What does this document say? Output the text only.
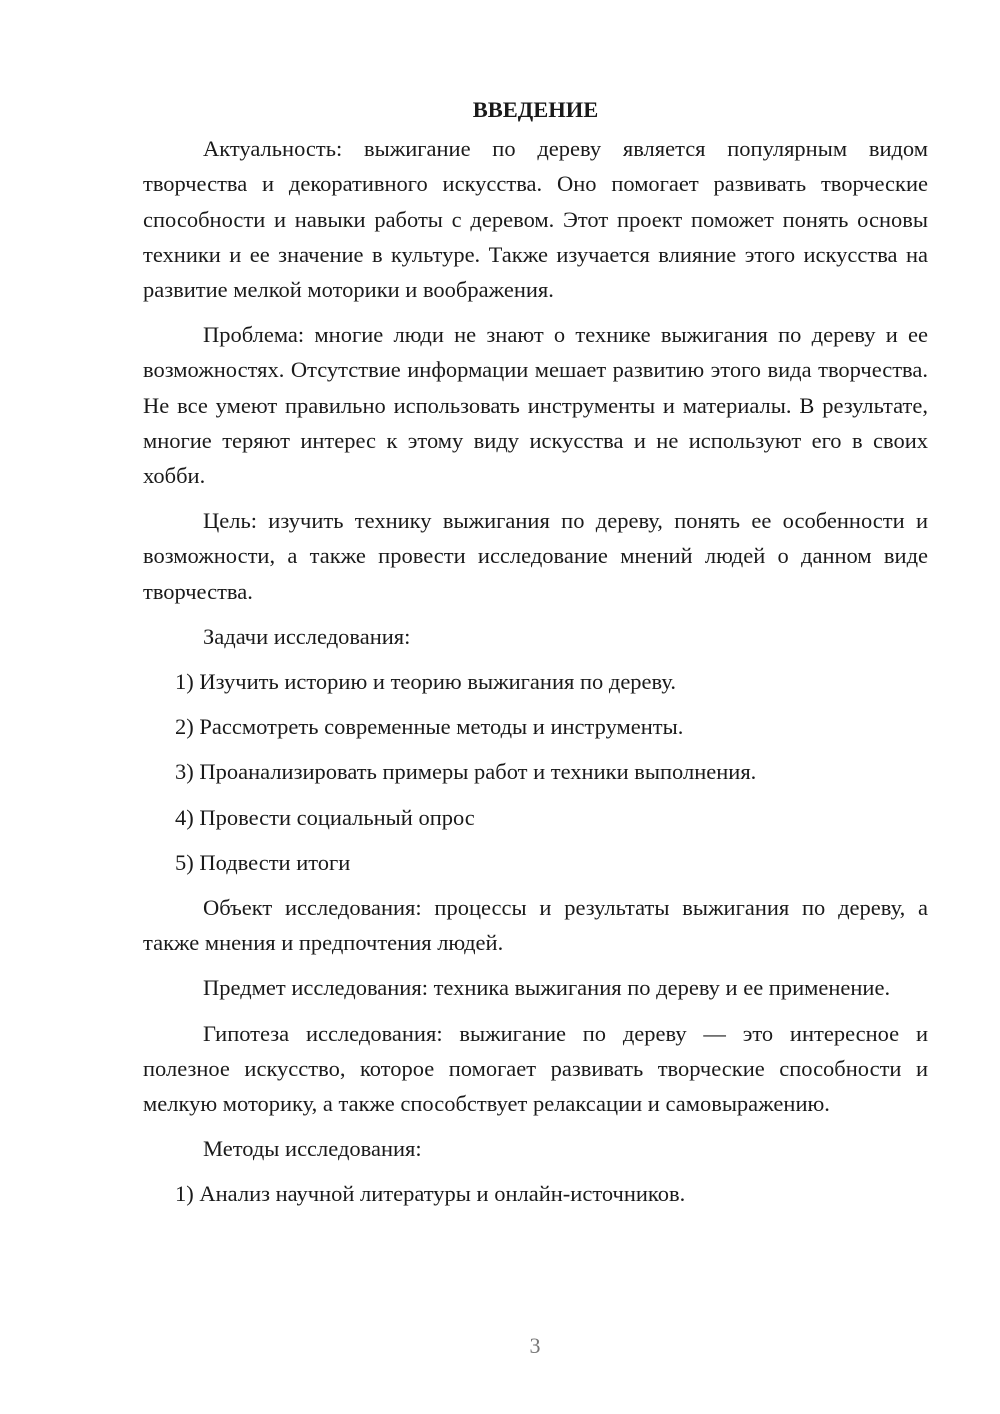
ВВЕДЕНИЕ

Актуальность: выжигание по дереву является популярным видом творчества и декоративного искусства. Оно помогает развивать творческие способности и навыки работы с деревом. Этот проект поможет понять основы техники и ее значение в культуре. Также изучается влияние этого искусства на развитие мелкой моторики и воображения.

Проблема: многие люди не знают о технике выжигания по дереву и ее возможностях. Отсутствие информации мешает развитию этого вида творчества. Не все умеют правильно использовать инструменты и материалы. В результате, многие теряют интерес к этому виду искусства и не используют его в своих хобби.

Цель: изучить технику выжигания по дереву, понять ее особенности и возможности, а также провести исследование мнений людей о данном виде творчества.

Задачи исследования:
1) Изучить историю и теорию выжигания по дереву.
2) Рассмотреть современные методы и инструменты.
3) Проанализировать примеры работ и техники выполнения.
4) Провести социальный опрос
5) Подвести итоги

Объект исследования: процессы и результаты выжигания по дереву, а также мнения и предпочтения людей.

Предмет исследования: техника выжигания по дереву и ее применение.

Гипотеза исследования: выжигание по дереву — это интересное и полезное искусство, которое помогает развивать творческие способности и мелкую моторику, а также способствует релаксации и самовыражению.

Методы исследования:
1) Анализ научной литературы и онлайн-источников.
3
